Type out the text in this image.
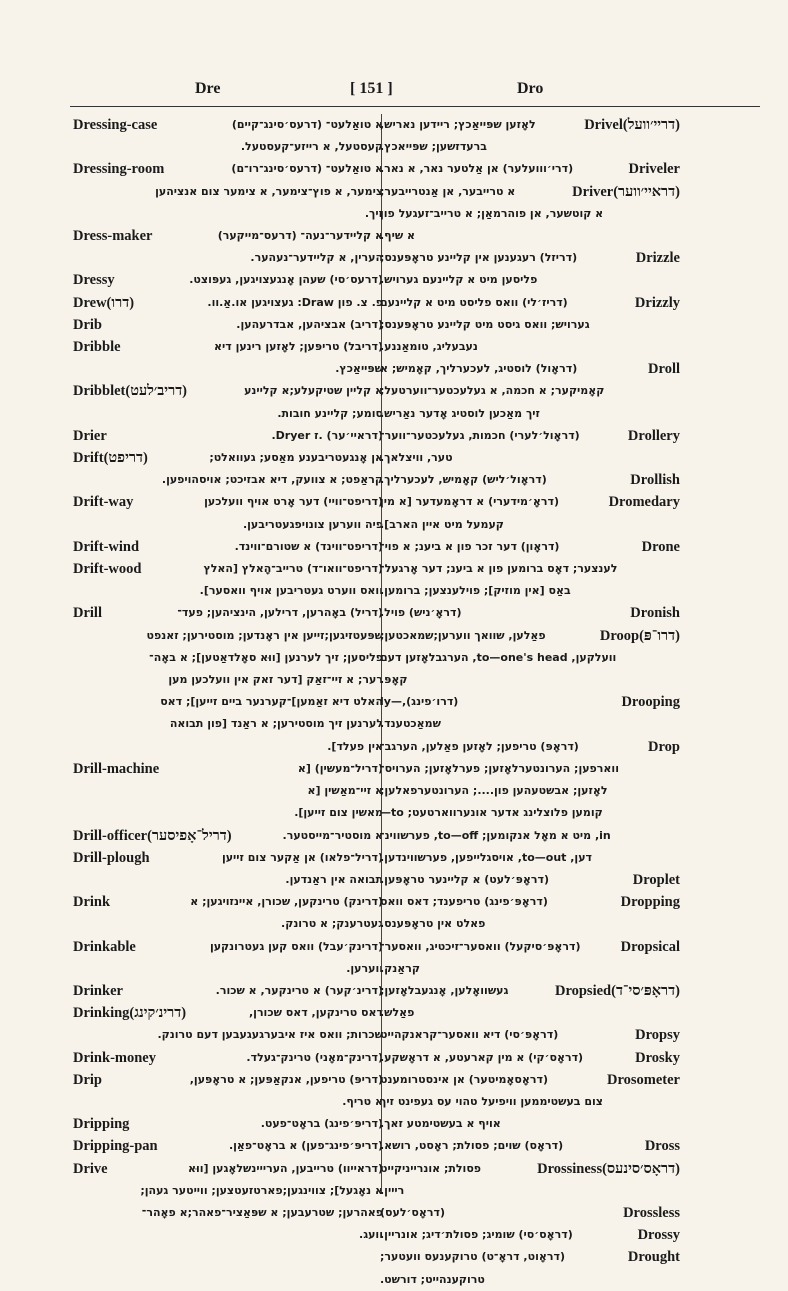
Dre	[ 151 ]	Dro
Dressing-case	א טואַלעט־ (דרעס׳סינג־קיים)
קעסטעל, א רייזע־קעסטעל.
Dressing-room	א טואַלעט־ (דרעס׳סינג־רו־ם)
צימער, א פוץ־צימער, א צימער צום אנציהען
זיך.
Dress-maker	א קליידער־נעה־ (דרעס־מייקער)
הערין, א קליידער־נעהער.
Dressy	(דרעס׳סי) שעהן אָנגעצויגען, געפּוצט.
Drew(דרו)	פ. צ. פון Draw: געצויגען או.אַ.וו.
Drib	(דריב) אבציהען, אבדרעהען.
Dribble	(דריבל) טריפּען; לאָזען רינען דיא
שפּייאַכץ.
Dribblet(דריב׳לעט)	א קליין שטיקעלע;א קליינע
סומע; קליינע חובות.
Drier	(דראיי׳ער) .ז Dryer.
Drift(דריפט)	אן אָנגעטריבענע מאַסע; געוואלט;
קראַפט; א צוועק, דיא אבזיכט; אויסהויפען.
Drift-way	(דריפט־וויי) דער אָרט אויף וועלכען
פיה ווערען צונויפגעטריבען.
Drift-wind	(דריפט־ווינד) א שטורם־ווינד.
Drift-wood	(דריפט־וואו־ד) טרייב־הָאלץ [האלץ
וואס ווערט געטריבען אויף וואסער].
Drill	(דריל) באָהרען, דרילען, הינציהען; פעד־
שפּעטזיגען;זייען אין ראָנדען; מוסטירען; זאנפט
פליסען; זיך לערנען [ווּא סאָלדאַטען]; א באָה־
רער; א זיי־זאַק [דער זאק אין וועלכען מען
האלט דיא זאַמען]־קערנער ביים זייען]; דאס
לערנען זיך מוסטירען; א ראַנד [פון תבואה
אין פעלד].
Drill-machine	(דריל־מעשין) [א
א זיי־מאַשין [א
מאשין צום זייען].
Drill-officer(דריל־אָפיסער)	א מוסטיר־מייסטער.
Drill-plough	(דריל־פלאו) אן אַקער צום זייען
תבואה אין ראַנדען.
Drink	(דרינק) טרינקען, שכורן, איינזויגען; א
געטרענק; א טרונק.
Drinkable	(דרינק׳עבל) וואס קען געטרונקען
ווערען.
Drinker	(דרינ׳קער) א טרינקער, א שכור.
Drinking(דרינ׳קינג)	דאס טרינקען, דאס שכורן,
שכרות; וואס איז איבערגעגעבען דעם טרונק.
Drink-money	(דרינק־מאָני) טרינק־געלד.
Drip	(דריפּ) טריפען, אנקאַפּען; א טראָפּען,
א טריף.
Dripping	(דריפּ׳פינג) בראָט־פעט.
Dripping-pan	(דריפּ׳פינג־פען) א בראָט־פאַן.
Drive	(דראייוו) טרייבען, הערייינשלאָגען [ווּא
א נאָגעל]; צווינגען;פארטזעטצען; ווייטער געהן;
פאהרען; שטרעבען; א שפּאַציר־פאהר;א פאָהר־
וועג.
לאָזען שפּייאַכץ; ריידען נאריש,	Drivel(דריי׳וועל)
ברעדזשען; שפּייאכץ.
(דרי׳ווועלער) אן אַלטער נאר, א נאר.	Driveler
א טרייבער, אן אַנטרייבער;	Driver(דראיי׳ווער)
א קוטשער, אן פוהרמאַן; א טרייב־זעגעל פון
א שיף.
(דריזל) רעגענען אין קליינע טראָפּענס;	Drizzle
פליסען מיט א קליינעם גערויש.
(דריז׳לי) וואס פליסט מיט א קליינעם	Drizzly
גערויש; וואס גיסט מיט קליינע טראָפּענס;
נעבעליג, טומאַננע.
(דראָול) לוסטיג, לעכערליך, קאָמיש; א	Droll
קאָמיקער; א חכמה, א געלעכטער־ווערטעל;
זיך מאַכען לוסטיג אָדער נאַריש.
(דראָול׳לערי) חכמות, געלעכטער־ווער־	Drollery
טער, וויצלאך.
(דראָול׳ליש) קאָמיש, לעכערליך.	Drollish
(דראָ׳מידערי) א דראָמעדער [א מין	Dromedary
קעמעל מיט איין הארב].
(דראָון) דער זכר פון א ביענ; א פוי־	Drone
לענצער; דאָס ברומען פון א ביענ; דער אָרגעל־
באַס [אין מוזיק]; פוילענצען; ברומען.
(דראָ׳ניש) פויל.	Dronish
פאַלען, שוואך ווערען;שמאכטען;	Droop(דרו־פּ)
וועלקען, to—one's head, הערגבלאָזען דעם
קאָפּ.
(דרו׳פינג),—ly	Drooping
שמאַכטענד.
(דראָפּ) טריפען; לאָזען פאַלען, הערגב־	Drop
ווארפען; הערונטערלאָזען; פערלאָזען; הערויס־
לאָזען; אבשטעהען פון....; הערונטערפאלען;
קומען פלוצלינג אדער אונערווארטעט; to—
in, מיט א מאָל אנקומען; to—off, פערשווינ־
דען, to—out, אויסגלייפען, פערשווינדען.
(דראָפּ׳לעט) א קליינער טראָפּען.	Droplet
(דראָפּ׳פינג) טריפענד; דאס וואס	Dropping
פאלט אין טראָפּענס.
(דראָפּ׳סיקעל) וואסער־זיכטיג, וואסער־	Dropsical
קראַנק.
געשוואָלען, אָנגעבלאָזען;	Dropsied(דראָפּ׳סי־ד)
פאַלש.
(דראָפּ׳סי) דיא וואסער־קראנקהייט	Dropsy
(דראָס׳קי) א מין קארעטע, א דראָשקע.	Drosky
(דראָסאָמיטער) אן אינסטרומענט	Drosometer
צום בעשטיממען וויפיעל טהוי עס געפינט זיך
אויף א בעשטימטע זאך.
(דראָס) שוים; פסולת; ראָסט, רושא.	Dross
פסולת; אונרייניקייט	Drossiness(דראָס׳סינעס)
רייין.
(דראָס׳לעס)	Drossless
(דראָס׳סי) שומיג; פסולת׳דיג; אונריין.	Drossy
(דראָוט, דראָ־ט) טרוקענעס וועטער;	Drought
טרוקענהייט; דורשט.
